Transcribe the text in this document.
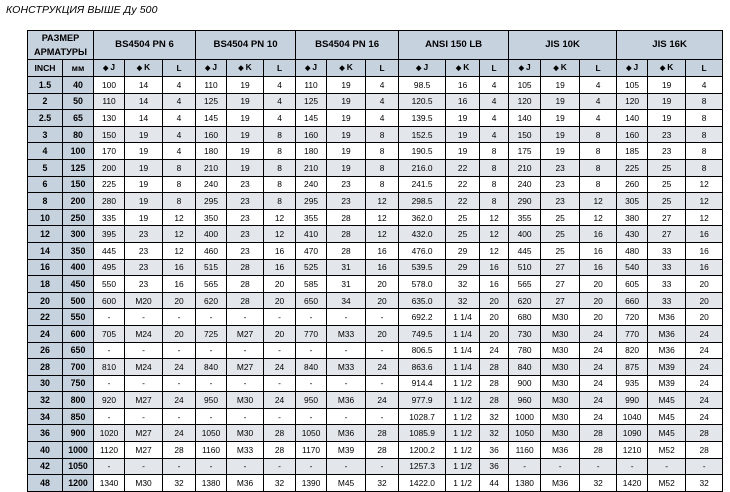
КОНСТРУКЦИЯ ВЫШЕ Ду 500
РАЗМЕР
АРМАТУРЫ		BS4504 PN 6			BS4504 PN 10			BS4504 PN 16			ANSI 150 LB			JIS 10K			JIS 16K		
INCH	мм	◆ J	◆ K	L	◆ J	◆ K	L	◆ J	◆ K	L	◆ J	◆ K	L	◆ J	◆ K	L	◆ J	◆ K	L
1.5	40	100	14	4	110	19	4	110	19	4	98.5	16	4	105	19	4	105	19	4
2	50	110	14	4	125	19	4	125	19	4	120.5	16	4	120	19	4	120	19	8
2.5	65	130	14	4	145	19	4	145	19	4	139.5	19	4	140	19	4	140	19	8
3	80	150	19	4	160	19	8	160	19	8	152.5	19	4	150	19	8	160	23	8
4	100	170	19	4	180	19	8	180	19	8	190.5	19	8	175	19	8	185	23	8
5	125	200	19	8	210	19	8	210	19	8	216.0	22	8	210	23	8	225	25	8
6	150	225	19	8	240	23	8	240	23	8	241.5	22	8	240	23	8	260	25	12
8	200	280	19	8	295	23	8	295	23	12	298.5	22	8	290	23	12	305	25	12
10	250	335	19	12	350	23	12	355	28	12	362.0	25	12	355	25	12	380	27	12
12	300	395	23	12	400	23	12	410	28	12	432.0	25	12	400	25	16	430	27	16
14	350	445	23	12	460	23	16	470	28	16	476.0	29	12	445	25	16	480	33	16
16	400	495	23	16	515	28	16	525	31	16	539.5	29	16	510	27	16	540	33	16
18	450	550	23	16	565	28	20	585	31	20	578.0	32	16	565	27	20	605	33	20
20	500	600	M20	20	620	28	20	650	34	20	635.0	32	20	620	27	20	660	33	20
22	550	-	-	-	-	-	-	-	-	-	692.2	1 1/4	20	680	M30	20	720	M36	20
24	600	705	M24	20	725	M27	20	770	M33	20	749.5	1 1/4	20	730	M30	24	770	M36	24
26	650	-	-	-	-	-	-	-	-	-	806.5	1 1/4	24	780	M30	24	820	M36	24
28	700	810	M24	24	840	M27	24	840	M33	24	863.6	1 1/4	28	840	M30	24	875	M39	24
30	750	-	-	-	-	-	-	-	-	-	914.4	1 1/2	28	900	M30	24	935	M39	24
32	800	920	M27	24	950	M30	24	950	M36	24	977.9	1 1/2	28	960	M30	24	990	M45	24
34	850	-	-	-	-	-	-	-	-	-	1028.7	1 1/2	32	1000	M30	24	1040	M45	24
36	900	1020	M27	24	1050	M30	28	1050	M36	28	1085.9	1 1/2	32	1050	M30	28	1090	M45	28
40	1000	1120	M27	28	1160	M33	28	1170	M39	28	1200.2	1 1/2	36	1160	M36	28	1210	M52	28
42	1050	-	-	-	-	-	-	-	-	-	1257.3	1 1/2	36	-	-	-	-	-	-
48	1200	1340	M30	32	1380	M36	32	1390	M45	32	1422.0	1 1/2	44	1380	M36	32	1420	M52	32
